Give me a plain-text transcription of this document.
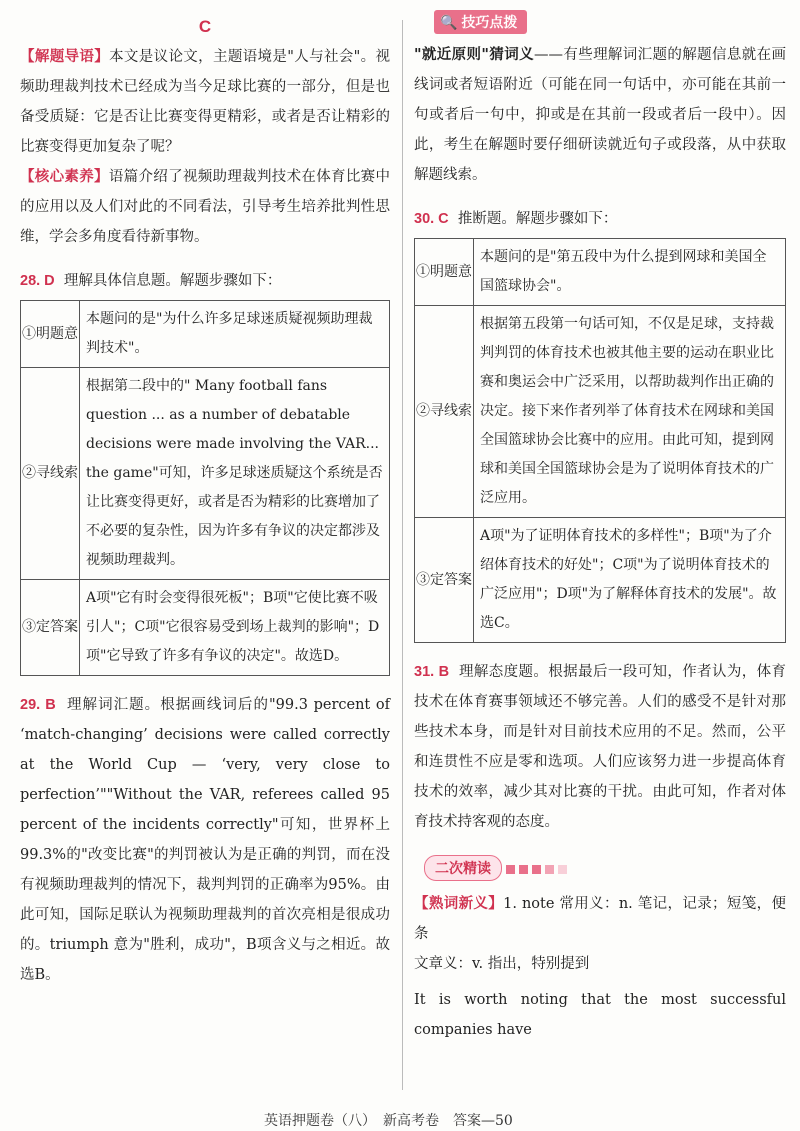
C

【解题导语】本文是议论文，主题语境是"人与社会"。视频助理裁判技术已经成为当今足球比赛的一部分，但是也备受质疑：它是否让比赛变得更精彩，或者是否让精彩的比赛变得更加复杂了呢？

【核心素养】语篇介绍了视频助理裁判技术在体育比赛中的应用以及人们对此的不同看法，引导考生培养批判性思维，学会多角度看待新事物。

28. D 理解具体信息题。解题步骤如下：

①明题意	本题问的是"为什么许多足球迷质疑视频助理裁判技术"。
②寻线索	根据第二段中的" Many football fans question ... as a number of debatable decisions were made involving the VAR... the game"可知，许多足球迷质疑这个系统是否让比赛变得更好，或者是否为精彩的比赛增加了不必要的复杂性，因为许多有争议的决定都涉及视频助理裁判。
③定答案	A项"它有时会变得很死板"；B项"它使比赛不吸引人"；C项"它很容易受到场上裁判的影响"；D项"它导致了许多有争议的决定"。故选D。

29. B 理解词汇题。根据画线词后的"99.3 percent of ‘match-changing’ decisions were called correctly at the World Cup — ‘very, very close to perfection’""Without the VAR, referees called 95 percent of the incidents correctly"可知，世界杯上99.3%的"改变比赛"的判罚被认为是正确的判罚，而在没有视频助理裁判的情况下，裁判判罚的正确率为95%。由此可知，国际足联认为视频助理裁判的首次亮相是很成功的。triumph 意为"胜利，成功"，B项含义与之相近。故选B。

🔍 技巧点拨

"就近原则"猜词义——有些理解词汇题的解题信息就在画线词或者短语附近（可能在同一句话中，亦可能在其前一句或者后一句中，抑或是在其前一段或者后一段中）。因此，考生在解题时要仔细研读就近句子或段落，从中获取解题线索。

30. C 推断题。解题步骤如下：

①明题意	本题问的是"第五段中为什么提到网球和美国全国篮球协会"。
②寻线索	根据第五段第一句话可知，不仅是足球，支持裁判判罚的体育技术也被其他主要的运动在职业比赛和奥运会中广泛采用，以帮助裁判作出正确的决定。接下来作者列举了体育技术在网球和美国全国篮球协会比赛中的应用。由此可知，提到网球和美国全国篮球协会是为了说明体育技术的广泛应用。
③定答案	A项"为了证明体育技术的多样性"；B项"为了介绍体育技术的好处"；C项"为了说明体育技术的广泛应用"；D项"为了解释体育技术的发展"。故选C。

31. B 理解态度题。根据最后一段可知，作者认为，体育技术在体育赛事领域还不够完善。人们的感受不是针对那些技术本身，而是针对目前技术应用的不足。然而，公平和连贯性不应是零和选项。人们应该努力进一步提高体育技术的效率，减少其对比赛的干扰。由此可知，作者对体育技术持客观的态度。

二次精读

【熟词新义】1. note 常用义：n. 笔记，记录；短笺，便条

文章义：v. 指出，特别提到

It is worth noting that the most successful companies have

英语押题卷（八）　新高考卷　答案—50
